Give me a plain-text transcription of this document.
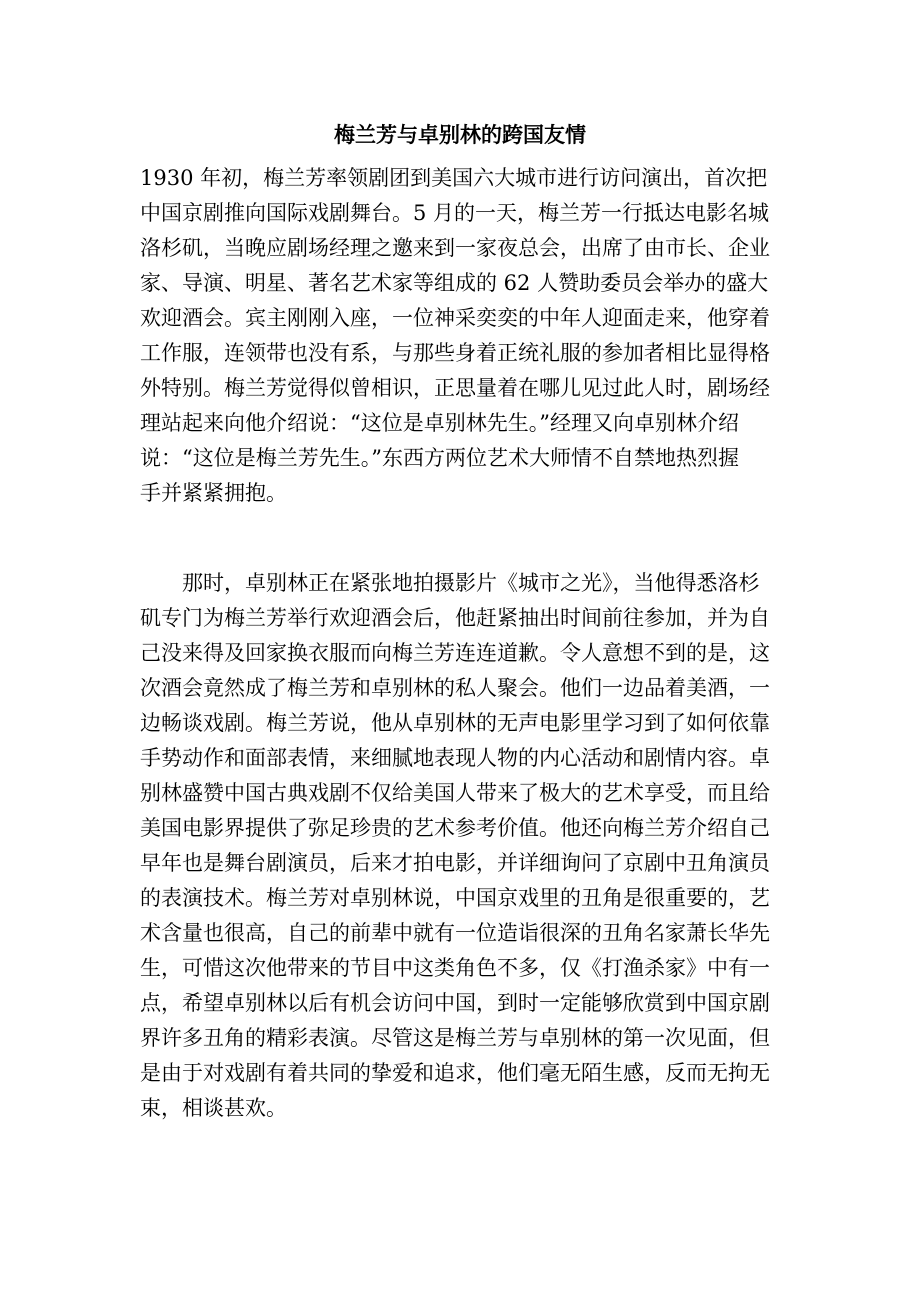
梅兰芳与卓别林的跨国友情
1930 年初，梅兰芳率领剧团到美国六大城市进行访问演出，首次把
中国京剧推向国际戏剧舞台。5 月的一天，梅兰芳一行抵达电影名城
洛杉矶，当晚应剧场经理之邀来到一家夜总会，出席了由市长、企业
家、导演、明星、著名艺术家等组成的 62 人赞助委员会举办的盛大
欢迎酒会。宾主刚刚入座，一位神采奕奕的中年人迎面走来，他穿着
工作服，连领带也没有系，与那些身着正统礼服的参加者相比显得格
外特别。梅兰芳觉得似曾相识，正思量着在哪儿见过此人时，剧场经
理站起来向他介绍说：“这位是卓别林先生。”经理又向卓别林介绍
说：“这位是梅兰芳先生。”东西方两位艺术大师情不自禁地热烈握
手并紧紧拥抱。
　　那时，卓别林正在紧张地拍摄影片《城市之光》，当他得悉洛杉
矶专门为梅兰芳举行欢迎酒会后，他赶紧抽出时间前往参加，并为自
己没来得及回家换衣服而向梅兰芳连连道歉。令人意想不到的是，这
次酒会竟然成了梅兰芳和卓别林的私人聚会。他们一边品着美酒，一
边畅谈戏剧。梅兰芳说，他从卓别林的无声电影里学习到了如何依靠
手势动作和面部表情，来细腻地表现人物的内心活动和剧情内容。卓
别林盛赞中国古典戏剧不仅给美国人带来了极大的艺术享受，而且给
美国电影界提供了弥足珍贵的艺术参考价值。他还向梅兰芳介绍自己
早年也是舞台剧演员，后来才拍电影，并详细询问了京剧中丑角演员
的表演技术。梅兰芳对卓别林说，中国京戏里的丑角是很重要的，艺
术含量也很高，自己的前辈中就有一位造诣很深的丑角名家萧长华先
生，可惜这次他带来的节目中这类角色不多，仅《打渔杀家》中有一
点，希望卓别林以后有机会访问中国，到时一定能够欣赏到中国京剧
界许多丑角的精彩表演。尽管这是梅兰芳与卓别林的第一次见面，但
是由于对戏剧有着共同的挚爱和追求，他们毫无陌生感，反而无拘无
束，相谈甚欢。
